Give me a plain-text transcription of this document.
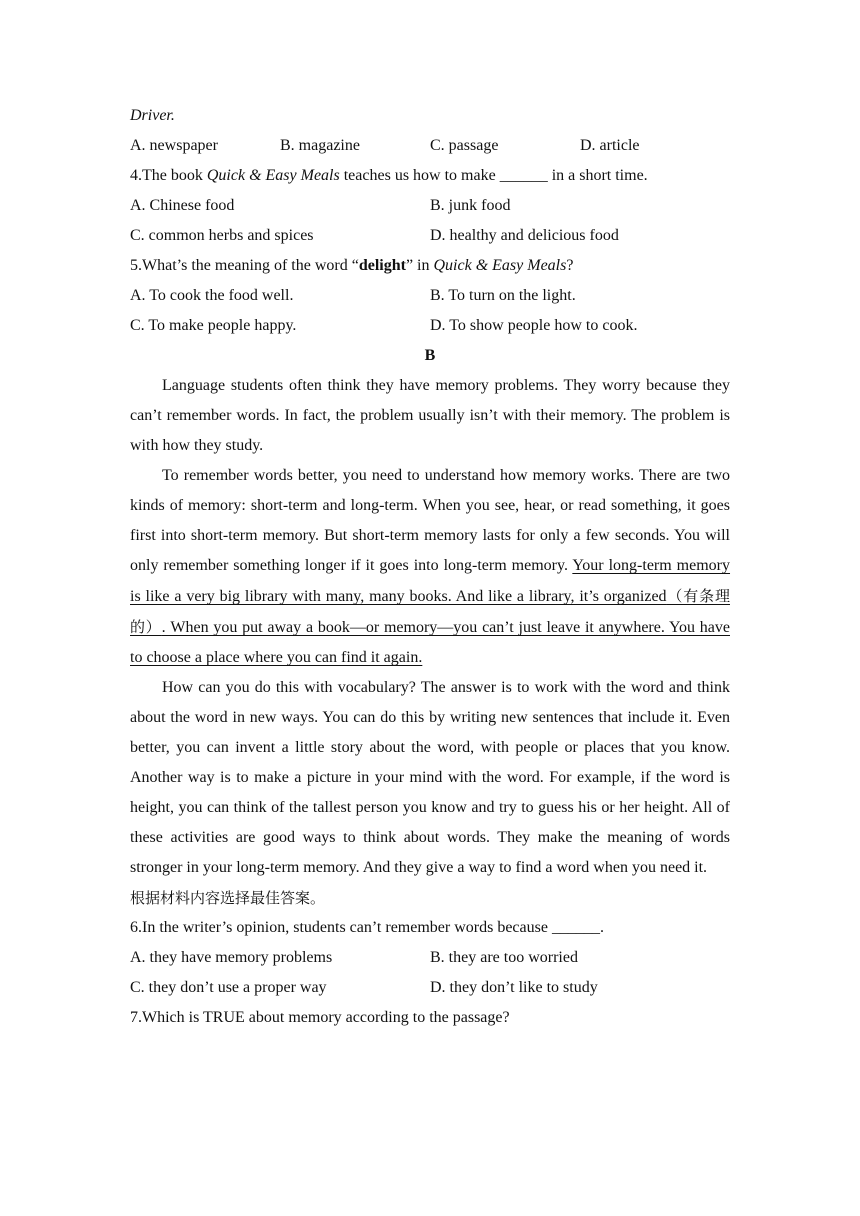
Driver.
A. newspaper	B. magazine	C. passage	D. article
4.The book Quick & Easy Meals teaches us how to make ______ in a short time.
A. Chinese food	B. junk food
C. common herbs and spices	D. healthy and delicious food
5.What’s the meaning of the word “delight” in Quick & Easy Meals?
A. To cook the food well.	B. To turn on the light.
C. To make people happy.	D. To show people how to cook.
B

Language students often think they have memory problems. They worry because they can’t remember words. In fact, the problem usually isn’t with their memory. The problem is with how they study.

To remember words better, you need to understand how memory works. There are two kinds of memory: short-term and long-term. When you see, hear, or read something, it goes first into short-term memory. But short-term memory lasts for only a few seconds. You will only remember something longer if it goes into long-term memory. Your long-term memory is like a very big library with many, many books. And like a library, it’s organized（有条理的）. When you put away a book—or memory—you can’t just leave it anywhere. You have to choose a place where you can find it again.

How can you do this with vocabulary? The answer is to work with the word and think about the word in new ways. You can do this by writing new sentences that include it. Even better, you can invent a little story about the word, with people or places that you know. Another way is to make a picture in your mind with the word. For example, if the word is height, you can think of the tallest person you know and try to guess his or her height. All of these activities are good ways to think about words. They make the meaning of words stronger in your long-term memory. And they give a way to find a word when you need it.

根据材料内容选择最佳答案。
6.In the writer’s opinion, students can’t remember words because ______.
A. they have memory problems	B. they are too worried
C. they don’t use a proper way	D. they don’t like to study
7.Which is TRUE about memory according to the passage?
